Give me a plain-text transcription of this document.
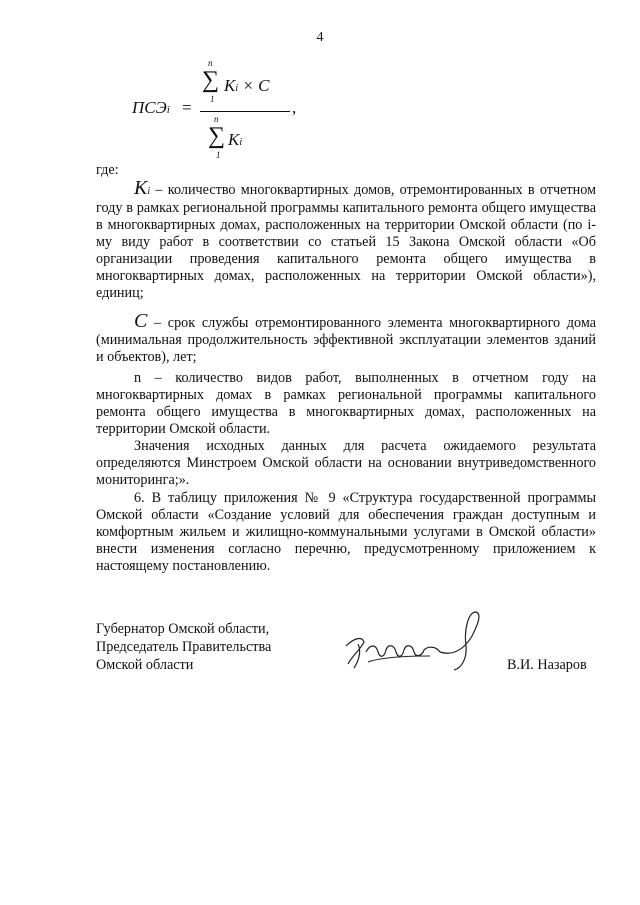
4
ПСЭi =
n
∑
1
Ki × C
,
n
∑
1
Ki
где:

Ki – количество многоквартирных домов, отремонтированных в отчетном году в рамках региональной программы капитального ремонта общего имущества в многоквартирных домах, расположенных на территории Омской области (по i-му виду работ в соответствии со статьей 15 Закона Омской области «Об организации проведения капитального ремонта общего имущества в многоквартирных домах, расположенных на территории Омской области»), единиц;

C – срок службы отремонтированного элемента многоквартирного дома (минимальная продолжительность эффективной эксплуатации элементов зданий и объектов), лет;

n – количество видов работ, выполненных в отчетном году на многоквартирных домах в рамках региональной программы капитального ремонта общего имущества в многоквартирных домах, расположенных на территории Омской области.

Значения исходных данных для расчета ожидаемого результата определяются Минстроем Омской области на основании внутриведомственного мониторинга;».

6. В таблицу приложения № 9 «Структура государственной программы Омской области «Создание условий для обеспечения граждан доступным и комфортным жильем и жилищно-коммунальными услугами в Омской области» внести изменения согласно перечню, предусмотренному приложением к настоящему постановлению.

Губернатор Омской области,
Председатель Правительства
Омской области	В.И. Назаров
